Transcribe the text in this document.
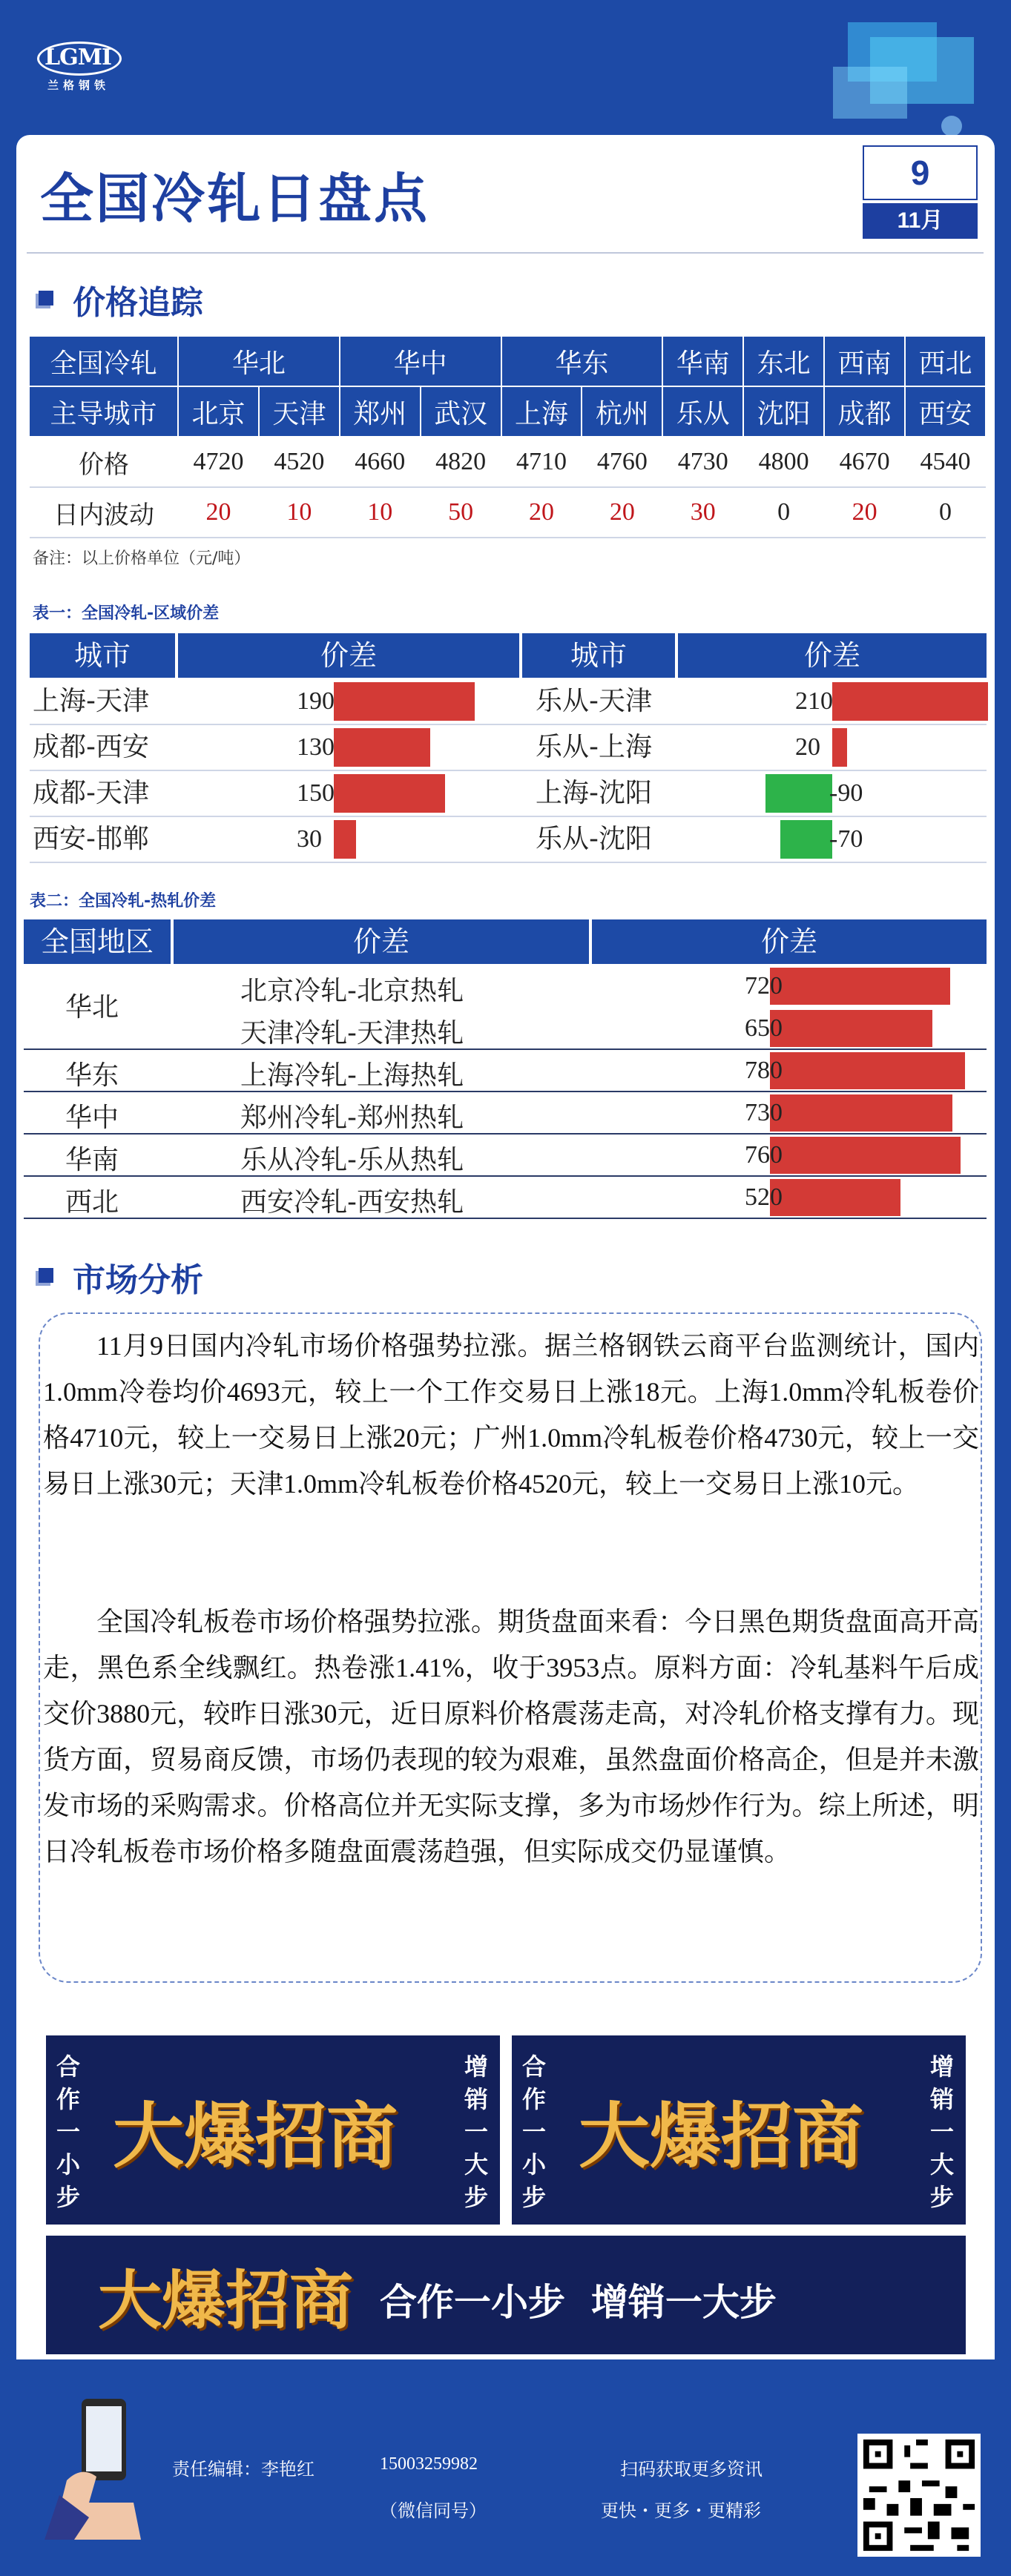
LGMI
兰格钢铁
全国冷轧日盘点	9
11月
价格追踪
全国冷轧	华北		华中		华东		华南	东北	西南	西北
主导城市	北京	天津	郑州	武汉	上海	杭州	乐从	沈阳	成都	西安
价格	4720	4520	4660	4820	4710	4760	4730	4800	4670	4540
日内波动	20	10	10	50	20	20	30	0	20	0
备注：以上价格单位（元/吨）
表一：全国冷轧-区域价差
城市	价差	城市	价差
上海-天津	190	乐从-天津	210
成都-西安	130	乐从-上海	20
成都-天津	150	上海-沈阳	-90
西安-邯郸	30	乐从-沈阳	-70
表二：全国冷轧-热轧价差
全国地区	价差	价差
华北
北京冷轧-北京热轧	720
天津冷轧-天津热轧	650
华东	上海冷轧-上海热轧	780
华中	郑州冷轧-郑州热轧	730
华南	乐从冷轧-乐从热轧	760
西北	西安冷轧-西安热轧	520
市场分析
11月9日国内冷轧市场价格强势拉涨。据兰格钢铁云商平台监测统计，国内1.0mm冷卷均价4693元，较上一个工作交易日上涨18元。上海1.0mm冷轧板卷价格4710元，较上一交易日上涨20元；广州1.0mm冷轧板卷价格4730元，较上一交易日上涨30元；天津1.0mm冷轧板卷价格4520元，较上一交易日上涨10元。
全国冷轧板卷市场价格强势拉涨。期货盘面来看：今日黑色期货盘面高开高走，黑色系全线飘红。热卷涨1.41%，收于3953点。原料方面：冷轧基料午后成交价3880元，较昨日涨30元，近日原料价格震荡走高，对冷轧价格支撑有力。现货方面，贸易商反馈，市场仍表现的较为艰难，虽然盘面价格高企，但是并未激发市场的采购需求。价格高位并无实际支撑，多为市场炒作行为。综上所述，明日冷轧板卷市场价格多随盘面震荡趋强，但实际成交仍显谨慎。
合
作
一
小
步
大爆招商
增
销
一
大
步
合
作
一
小
步
大爆招商
增
销
一
大
步
大爆招商 合作一小步  增销一大步
责任编辑：李艳红	15003259982
（微信同号）
扫码获取更多资讯
更快・更多・更精彩
